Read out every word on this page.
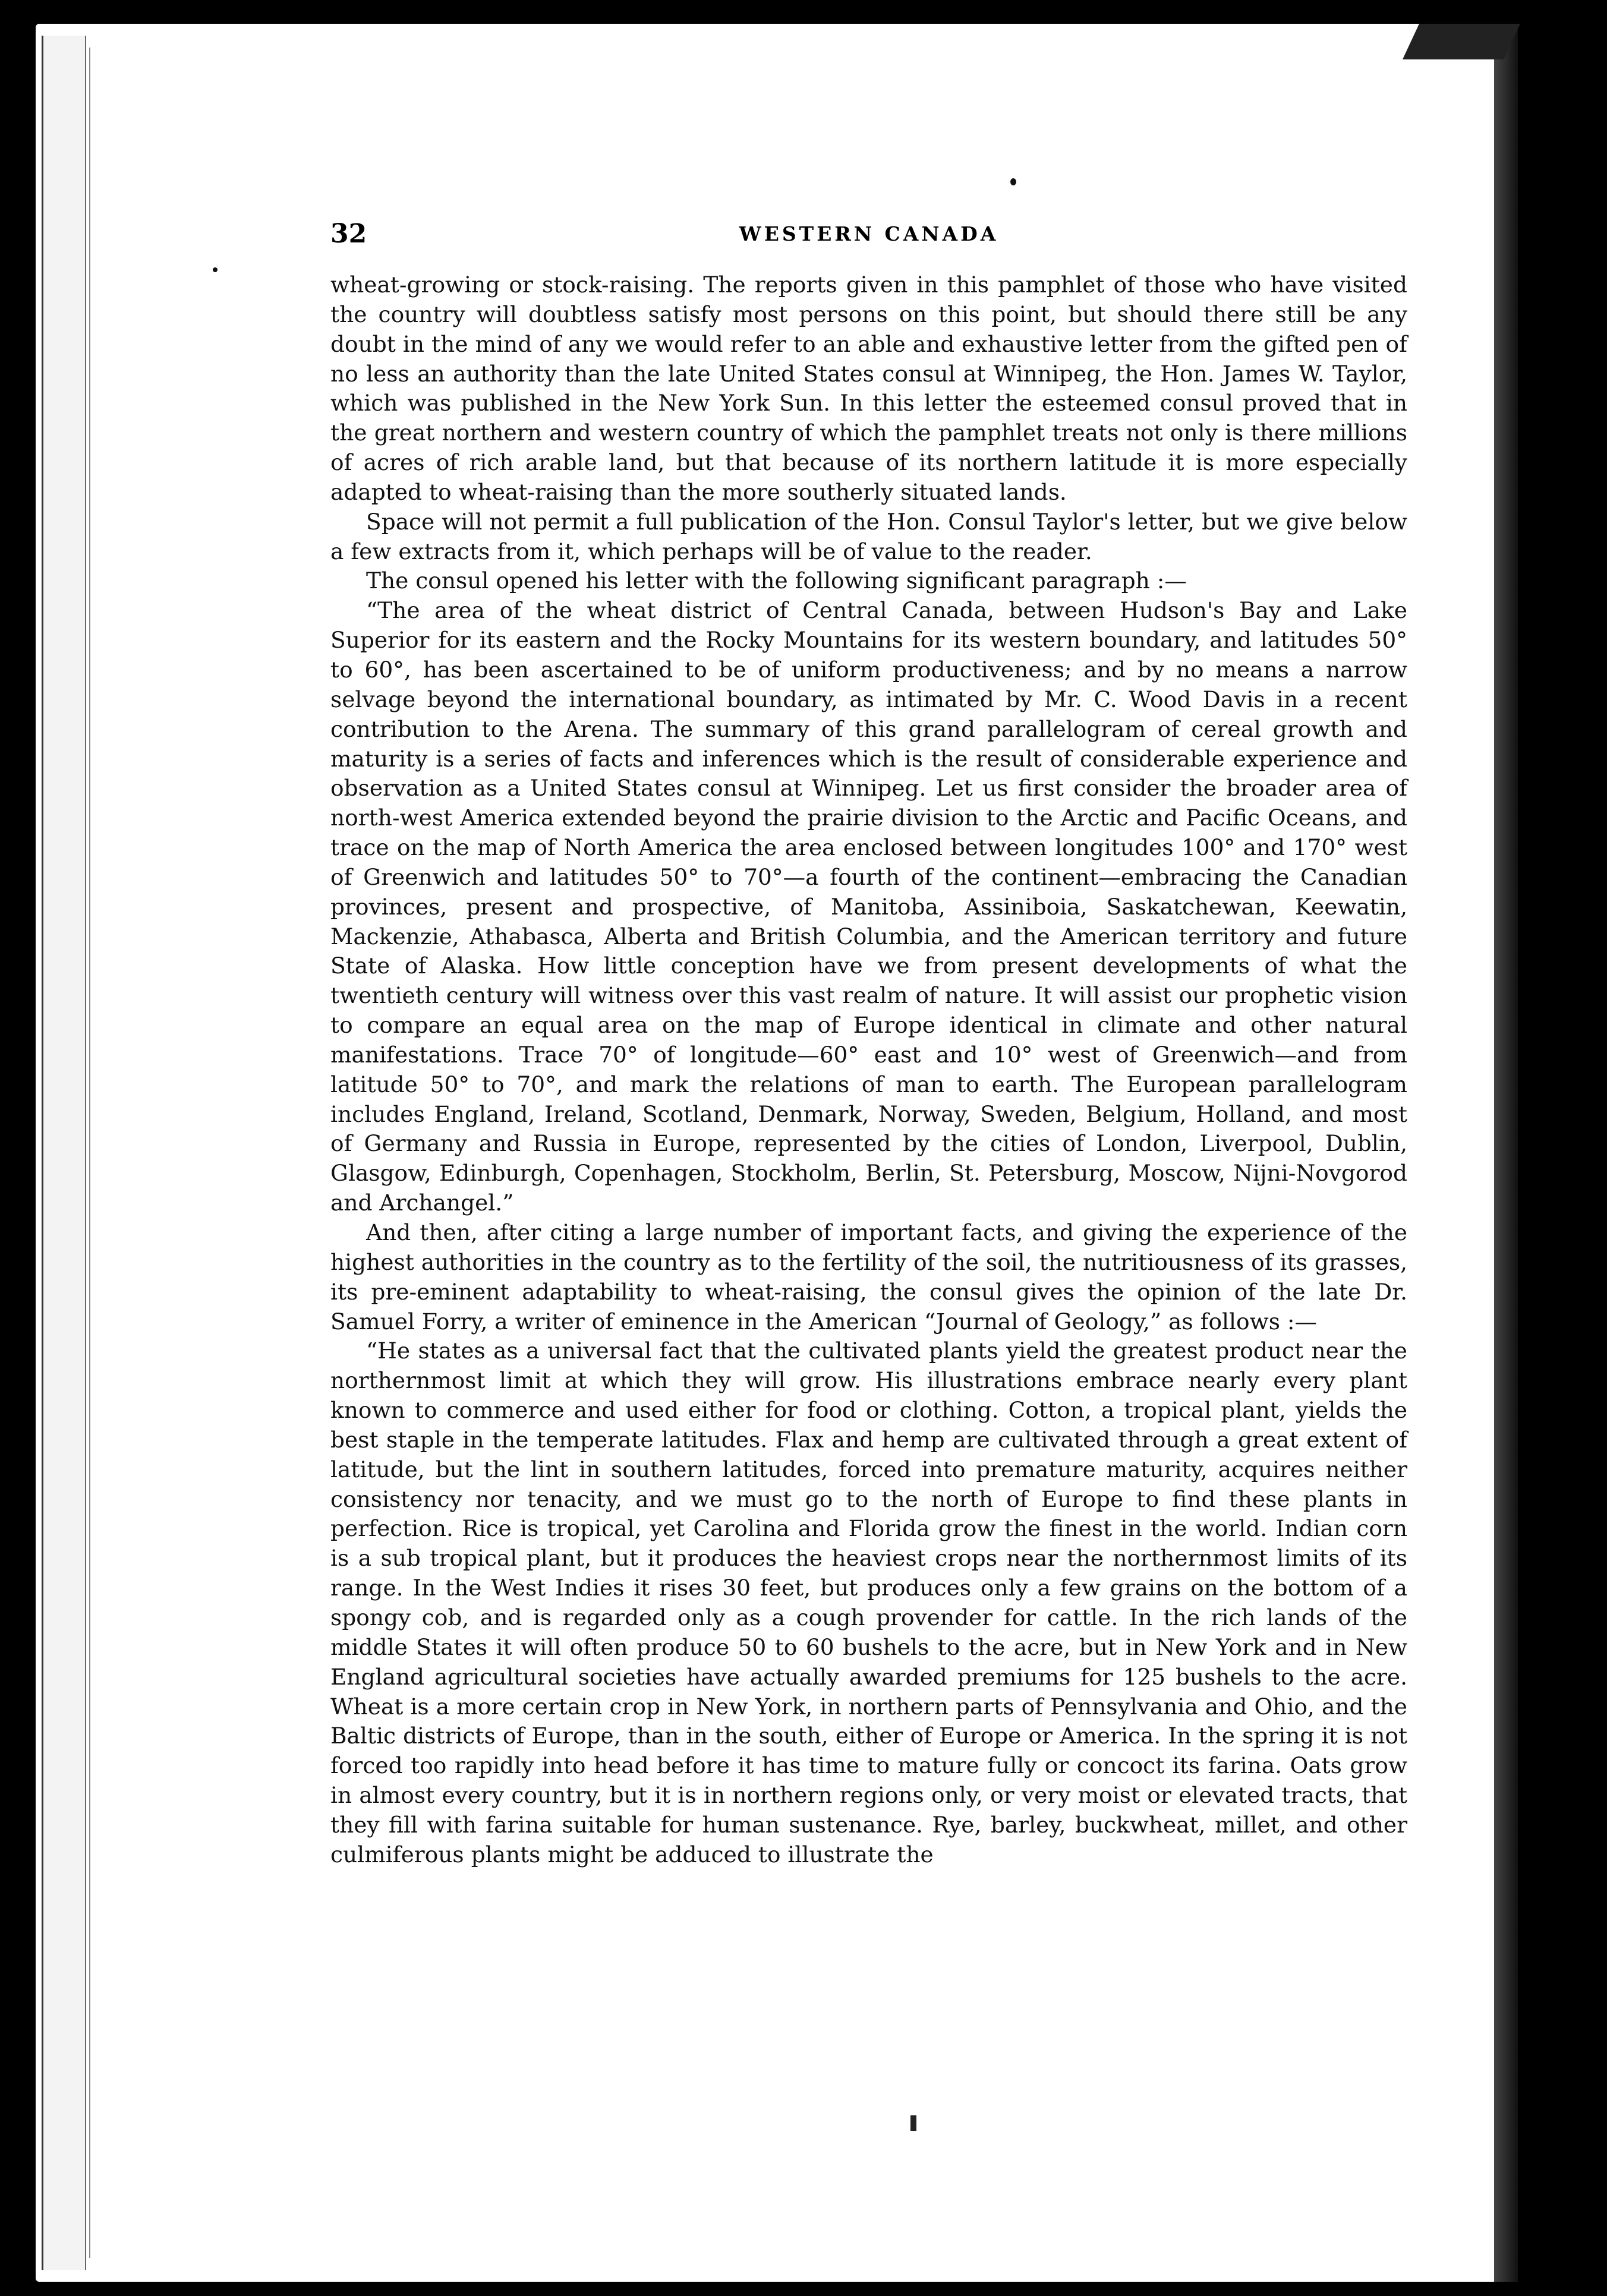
32	WESTERN CANADA

wheat-growing or stock-raising. The reports given in this pamphlet of those who have visited the country will doubtless satisfy most persons on this point, but should there still be any doubt in the mind of any we would refer to an able and exhaustive letter from the gifted pen of no less an authority than the late United States consul at Winnipeg, the Hon. James W. Taylor, which was published in the New York Sun. In this letter the esteemed consul proved that in the great northern and western country of which the pamphlet treats not only is there millions of acres of rich arable land, but that because of its northern latitude it is more especially adapted to wheat-raising than the more southerly situated lands.

Space will not permit a full publication of the Hon. Consul Taylor's letter, but we give below a few extracts from it, which perhaps will be of value to the reader.

The consul opened his letter with the following significant paragraph :—

“The area of the wheat district of Central Canada, between Hudson's Bay and Lake Superior for its eastern and the Rocky Mountains for its western boundary, and latitudes 50° to 60°, has been ascertained to be of uniform productiveness; and by no means a narrow selvage beyond the international boundary, as intimated by Mr. C. Wood Davis in a recent contribution to the Arena. The summary of this grand parallelogram of cereal growth and maturity is a series of facts and inferences which is the result of considerable experience and observation as a United States consul at Winnipeg. Let us first consider the broader area of north-west America extended beyond the prairie division to the Arctic and Pacific Oceans, and trace on the map of North America the area enclosed between longitudes 100° and 170° west of Greenwich and latitudes 50° to 70°—a fourth of the continent—embracing the Canadian provinces, present and prospective, of Manitoba, Assiniboia, Saskatchewan, Keewatin, Mackenzie, Athabasca, Alberta and British Columbia, and the American territory and future State of Alaska. How little conception have we from present developments of what the twentieth century will witness over this vast realm of nature. It will assist our prophetic vision to compare an equal area on the map of Europe identical in climate and other natural manifestations. Trace 70° of longitude—60° east and 10° west of Greenwich—and from latitude 50° to 70°, and mark the relations of man to earth. The European parallelogram includes England, Ireland, Scotland, Denmark, Norway, Sweden, Belgium, Holland, and most of Germany and Russia in Europe, represented by the cities of London, Liverpool, Dublin, Glasgow, Edinburgh, Copenhagen, Stockholm, Berlin, St. Petersburg, Moscow, Nijni-Novgorod and Archangel.”

And then, after citing a large number of important facts, and giving the experience of the highest authorities in the country as to the fertility of the soil, the nutritiousness of its grasses, its pre-eminent adaptability to wheat-raising, the consul gives the opinion of the late Dr. Samuel Forry, a writer of eminence in the American “Journal of Geology,” as follows :—

“He states as a universal fact that the cultivated plants yield the greatest product near the northernmost limit at which they will grow. His illustrations embrace nearly every plant known to commerce and used either for food or clothing. Cotton, a tropical plant, yields the best staple in the temperate latitudes. Flax and hemp are cultivated through a great extent of latitude, but the lint in southern latitudes, forced into premature maturity, acquires neither consistency nor tenacity, and we must go to the north of Europe to find these plants in perfection. Rice is tropical, yet Carolina and Florida grow the finest in the world. Indian corn is a sub tropical plant, but it produces the heaviest crops near the northernmost limits of its range. In the West Indies it rises 30 feet, but produces only a few grains on the bottom of a spongy cob, and is regarded only as a cough provender for cattle. In the rich lands of the middle States it will often produce 50 to 60 bushels to the acre, but in New York and in New England agricultural societies have actually awarded premiums for 125 bushels to the acre. Wheat is a more certain crop in New York, in northern parts of Pennsylvania and Ohio, and the Baltic districts of Europe, than in the south, either of Europe or America. In the spring it is not forced too rapidly into head before it has time to mature fully or concoct its farina. Oats grow in almost every country, but it is in northern regions only, or very moist or elevated tracts, that they fill with farina suitable for human sustenance. Rye, barley, buckwheat, millet, and other culmiferous plants might be adduced to illustrate the
